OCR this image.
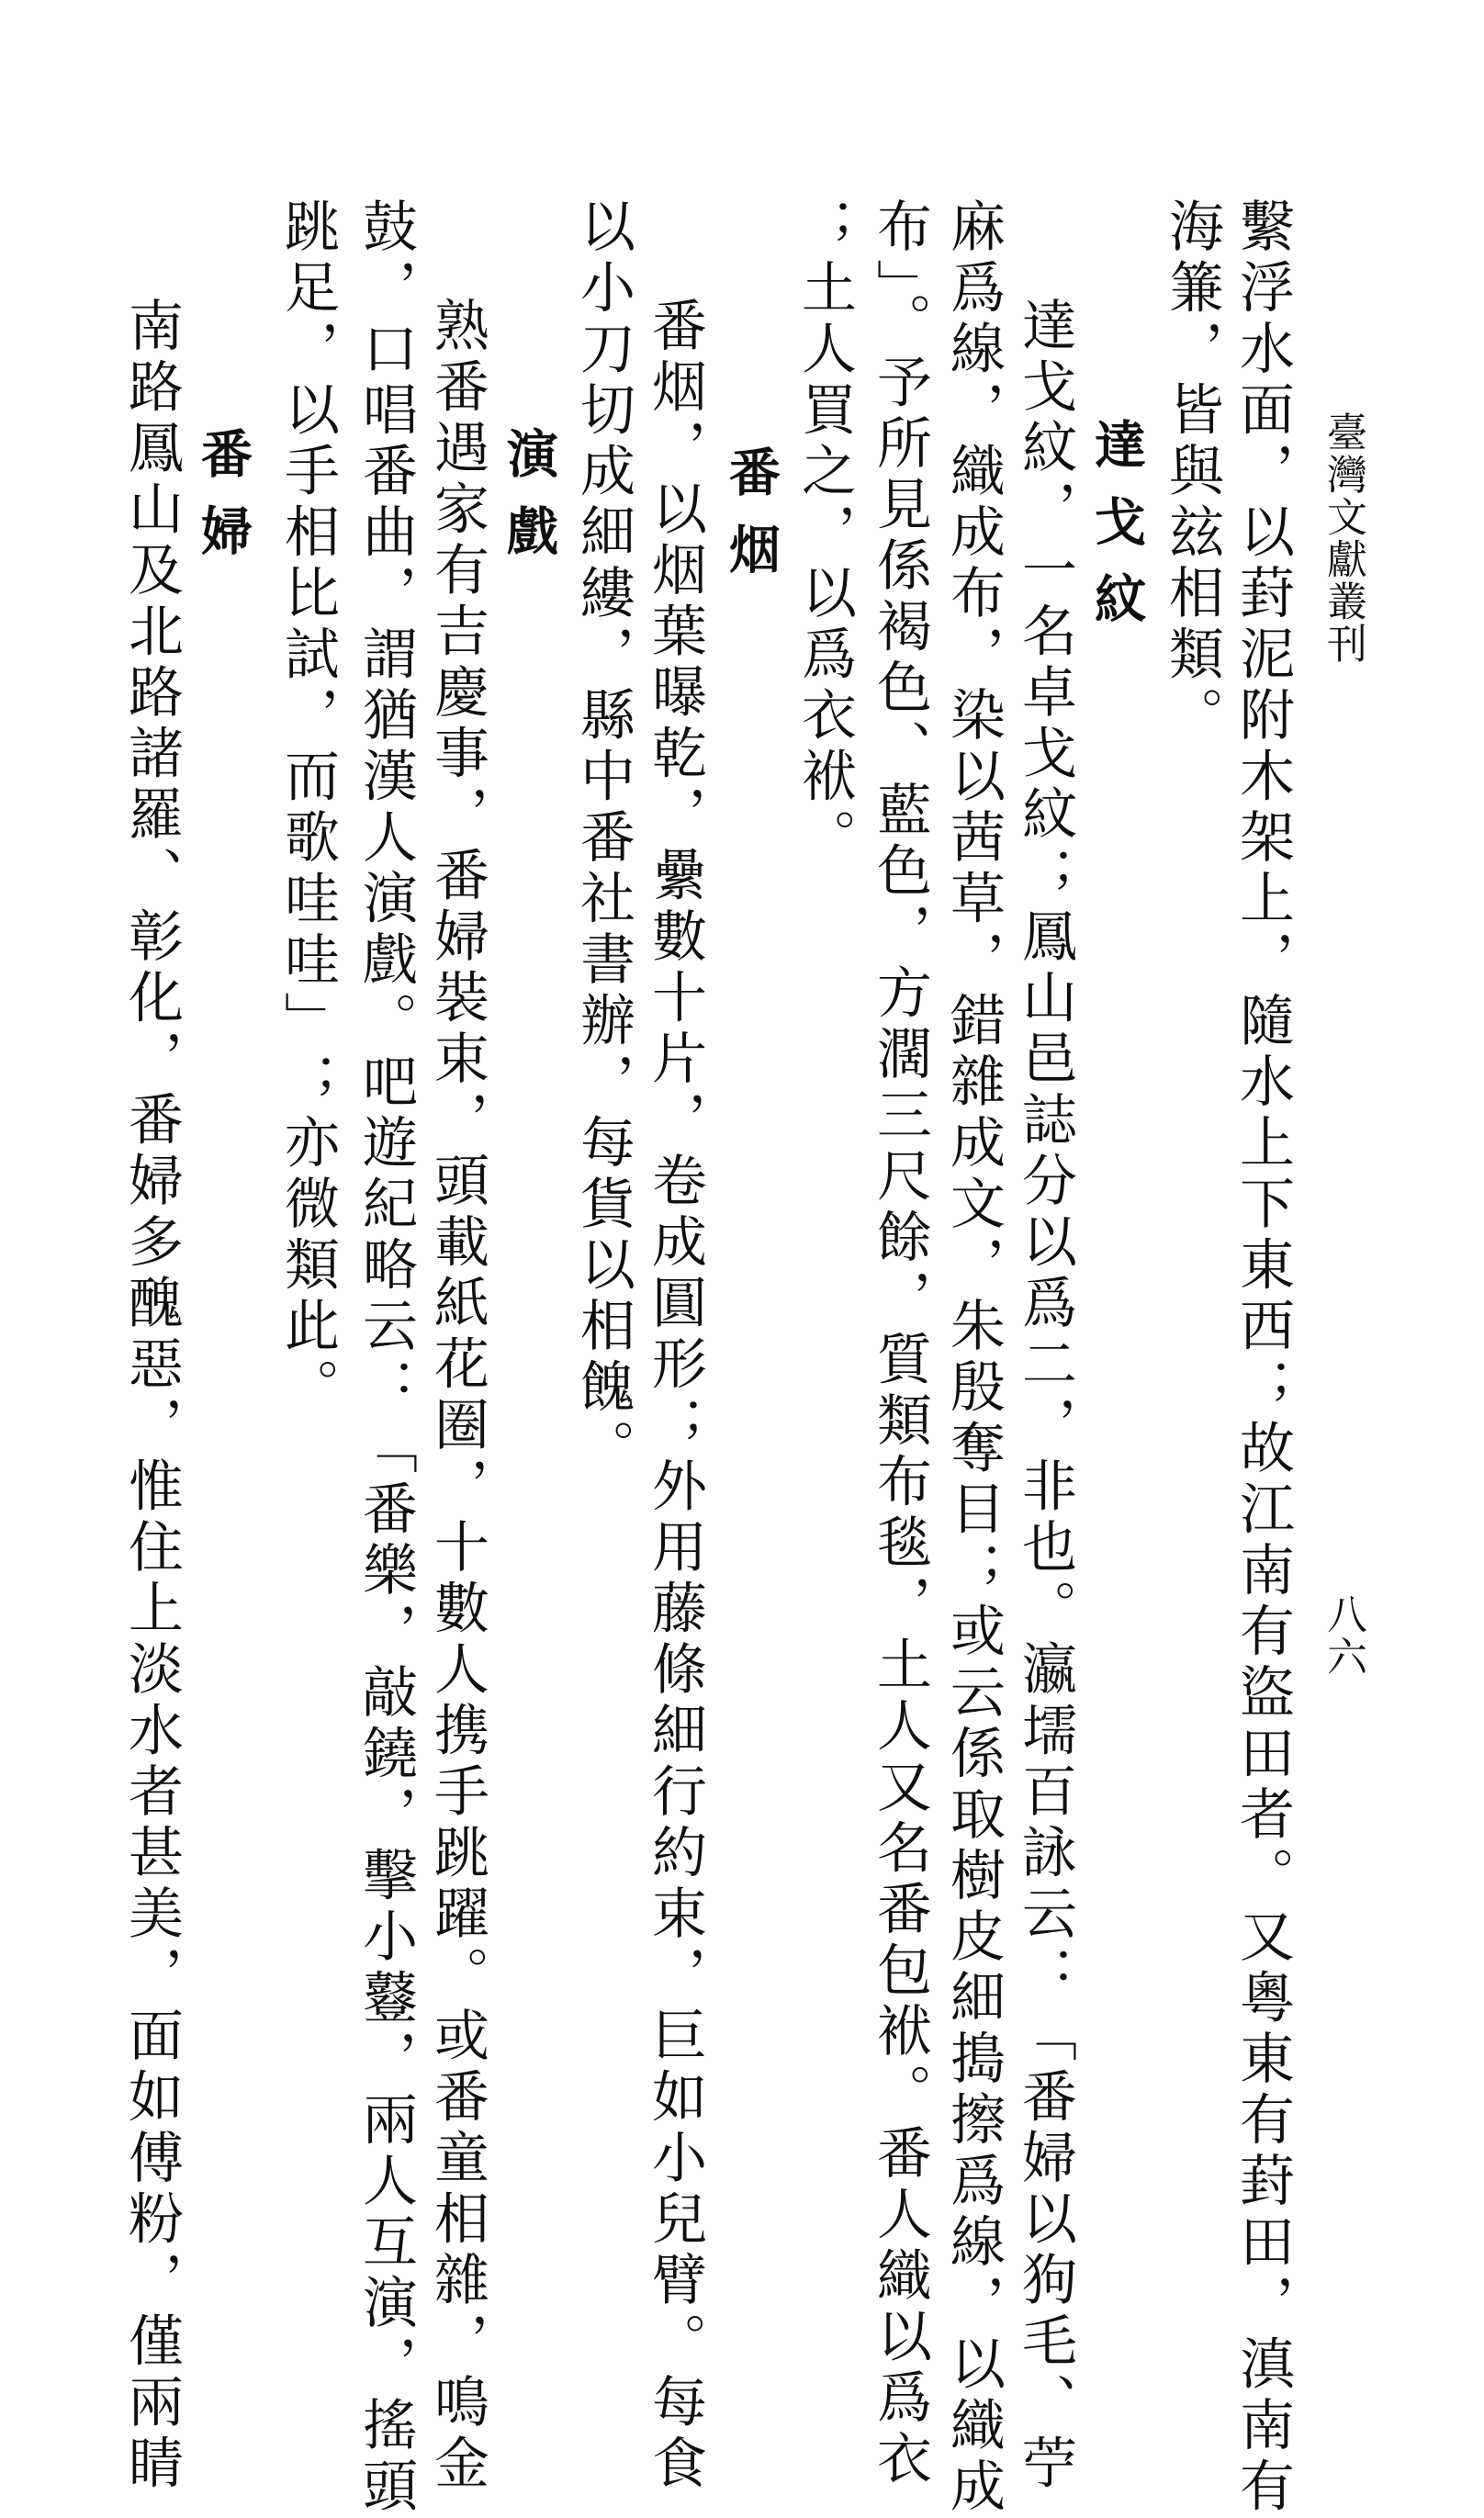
臺灣文獻叢刊
八六
繫浮水面，以葑泥附木架上，隨水上下東西；故江南有盜田者。又粵東有葑田，滇南有
海䈴，皆與玆相類。
達戈紋
達戈紋，一名卓戈紋；鳳山邑誌分以爲二，非也。瀛壖百詠云：「番婦以狗毛、苧
麻爲線，織成布，染以茜草，錯雜成文，朱殷奪目；或云係取樹皮細搗擦爲線，以織成
布」。予所見係褐色、藍色，方濶三尺餘，質類布毯，土人又名番包袱。番人織以爲衣
；土人買之，以爲衣袱。
番烟
番烟，以烟葉曝乾，纍數十片，卷成圓形；外用藤條細行約束，巨如小兒臂。每食
以小刀切成細縷，縣中番社書辦，每貨以相餽。
演戲
熟番遇家有吉慶事，番婦裝束，頭載紙花圈，十數人携手跳躍。或番童相雜，鳴金
鼓，口唱番曲，謂猶漢人演戲。吧遊紀略云：「番樂，敲鐃，擊小鼟，兩人互演，搖頭
跳足，以手相比試，而歌哇哇」；亦微類此。
番婦
南路鳳山及北路諸羅、彰化，番婦多醜惡，惟住上淡水者甚美，面如傅粉，僅兩睛
